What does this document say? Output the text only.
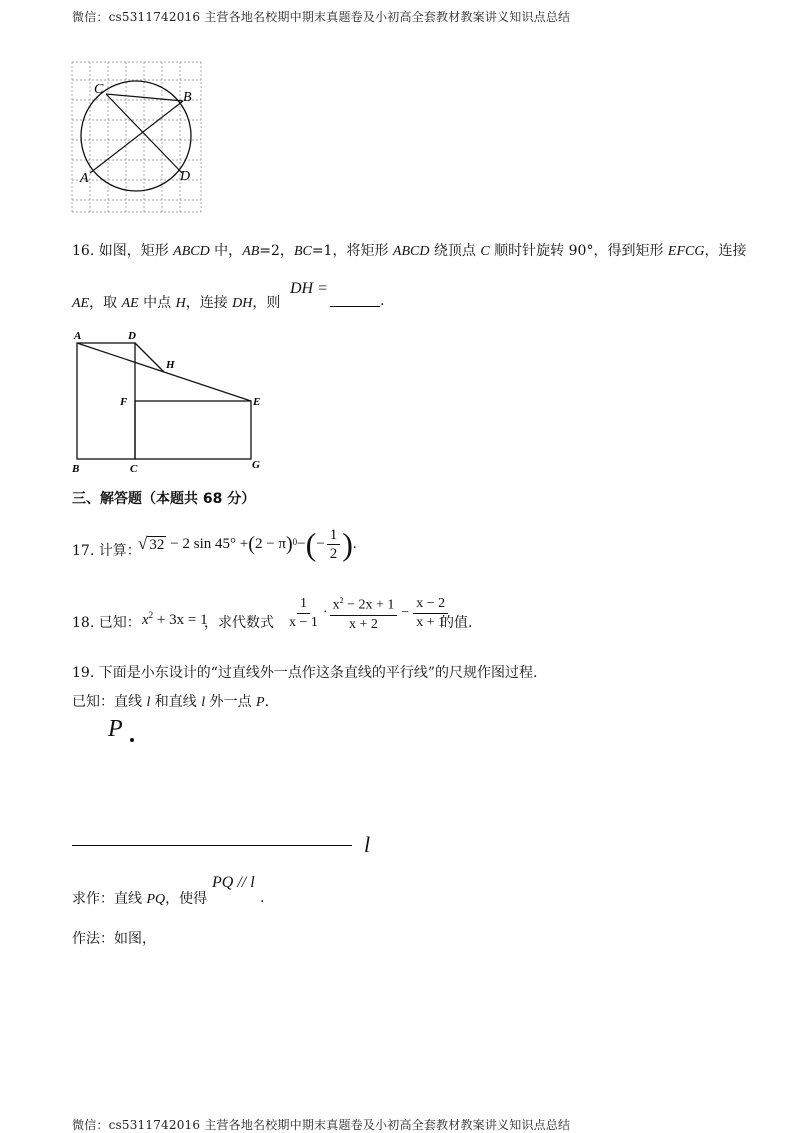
微信：cs5311742016 主营各地名校期中期末真题卷及小初高全套教材教案讲义知识点总结
C
B
A	D
16. 如图，矩形 ABCD 中，AB=2，BC=1，将矩形 ABCD 绕顶点 C 顺时针旋转 90°，得到矩形 EFCG，连接
AE，取 AE 中点 H，连接 DH，则
DH =
.
A	D
H
F	E
B	C	G
三、解答题（本题共 68 分）
17. 计算：
√ 32 − 2 sin 45° + ( 2 − π )$^0$ − ( − $\frac{1}{2}$ ) .
18. 已知： $x^2 + 3x = 1$
，求代数式 $\frac{1}{x - 1} \cdot \frac{x^2 - 2x + 1}{x + 2} - \frac{x - 2}{x + 1}$
的值.
19. 下面是小东设计的“过直线外一点作这条直线的平行线”的尺规作图过程.
已知：直线 l 和直线 l 外一点 P.
P
l
求作：直线 PQ，使得
PQ // l
.
作法：如图，
微信：cs5311742016 主营各地名校期中期末真题卷及小初高全套教材教案讲义知识点总结
